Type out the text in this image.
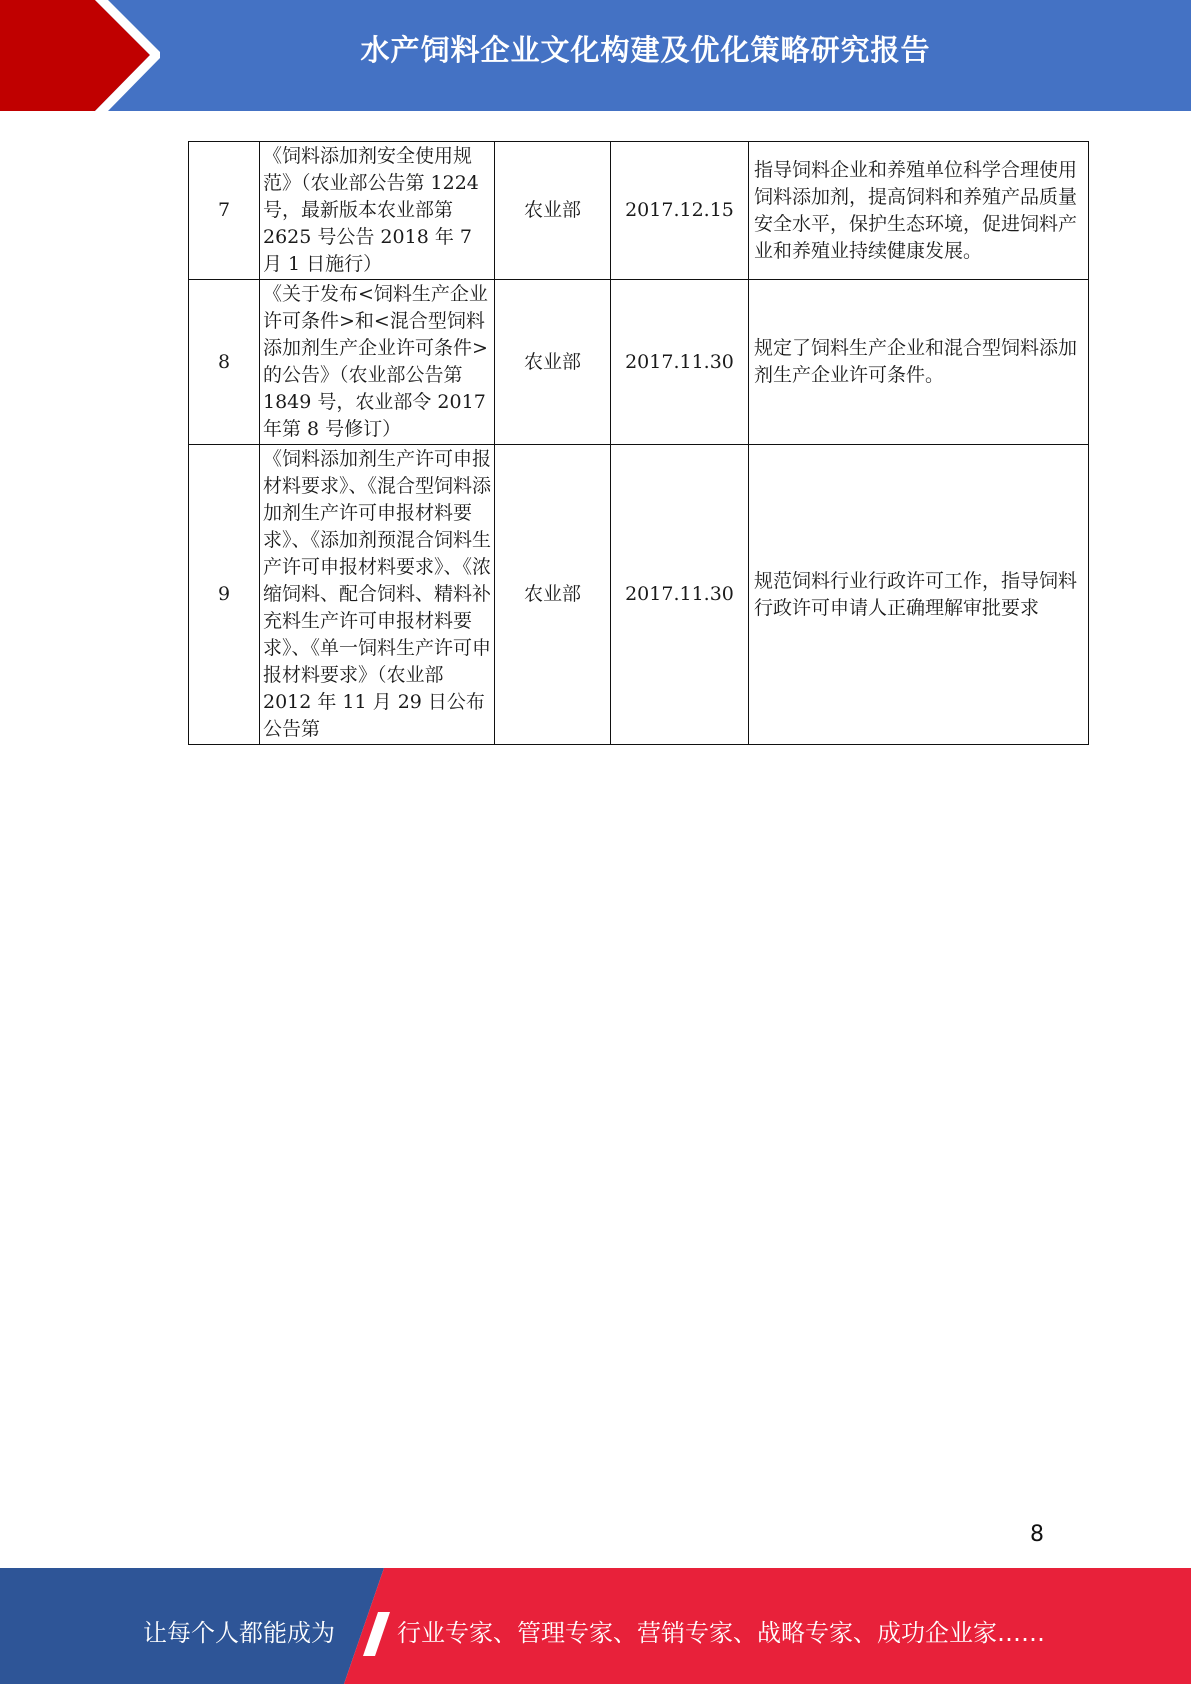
水产饲料企业文化构建及优化策略研究报告
7	《饲料添加剂安全使用规范》（农业部公告第 1224 号，最新版本农业部第 2625 号公告 2018 年 7 月 1 日施行）	农业部	2017.12.15	指导饲料企业和养殖单位科学合理使用饲料添加剂，提高饲料和养殖产品质量安全水平，保护生态环境，促进饲料产业和养殖业持续健康发展。

8	《关于发布<饲料生产企业许可条件>和<混合型饲料添加剂生产企业许可条件>的公告》（农业部公告第 1849 号，农业部令 2017 年第 8 号修订）	农业部	2017.11.30	规定了饲料生产企业和混合型饲料添加剂生产企业许可条件。

9	《饲料添加剂生产许可申报材料要求》、《混合型饲料添加剂生产许可申报材料要求》、《添加剂预混合饲料生产许可申报材料要求》、《浓缩饲料、配合饲料、精料补充料生产许可申报材料要求》、《单一饲料生产许可申报材料要求》（农业部 2012 年 11 月 29 日公布公告第	农业部	2017.11.30	规范饲料行业行政许可工作，指导饲料行政许可申请人正确理解审批要求
8
让每个人都能成为	行业专家、管理专家、营销专家、战略专家、成功企业家……
